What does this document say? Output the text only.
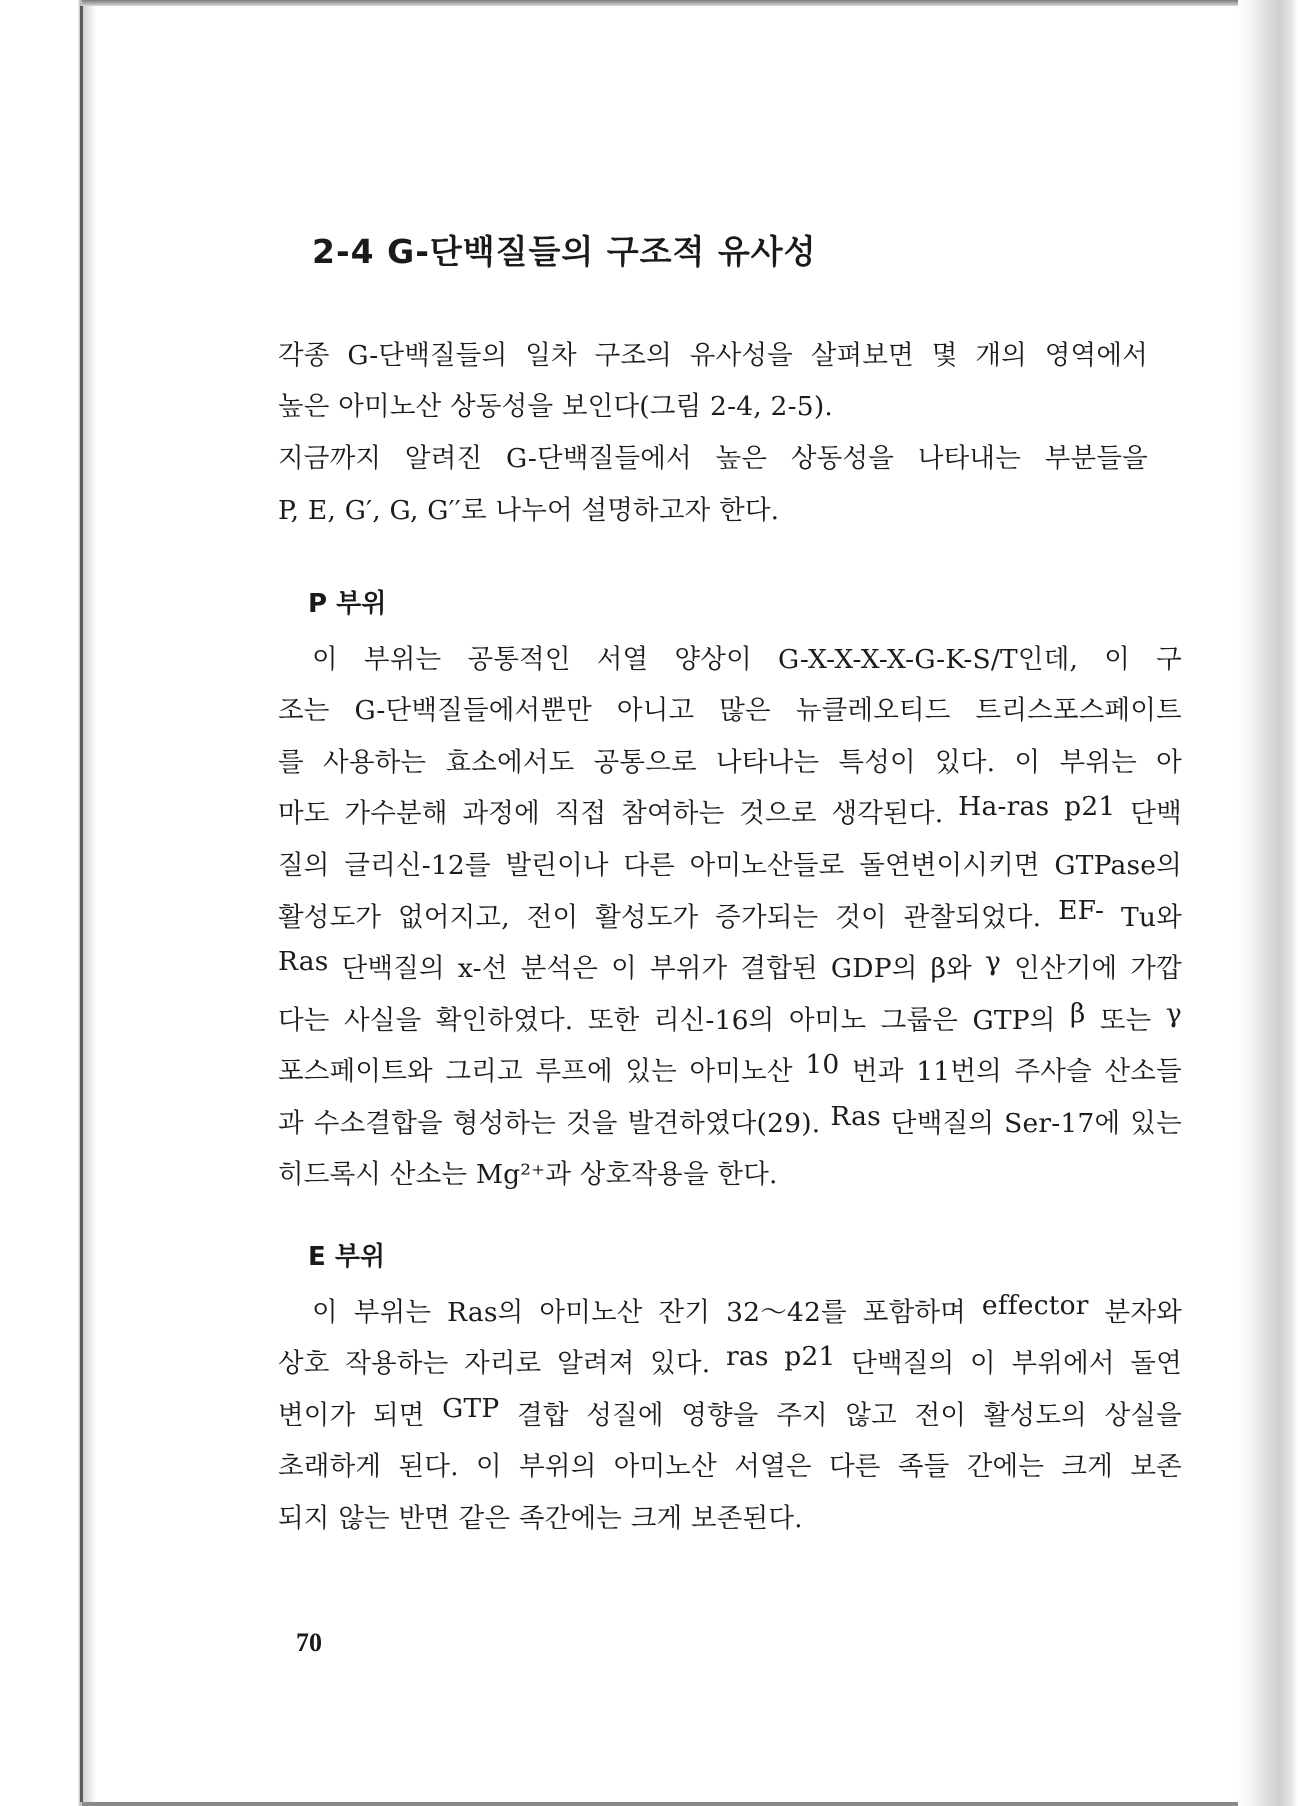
2-4 G-단백질들의 구조적 유사성
각종 G-단백질들의 일차 구조의 유사성을 살펴보면 몇 개의 영역에서
높은 아미노산 상동성을 보인다(그림 2-4, 2-5).
지금까지 알려진 G-단백질들에서 높은 상동성을 나타내는 부분들을
P, E, G′, G, G′′로 나누어 설명하고자 한다.
P 부위
이 부위는 공통적인 서열 양상이 G-X-X-X-X-G-K-S/T인데, 이 구
조는 G-단백질들에서뿐만 아니고 많은 뉴클레오티드 트리스포스페이트
를 사용하는 효소에서도 공통으로 나타나는 특성이 있다. 이 부위는 아
마도 가수분해 과정에 직접 참여하는 것으로 생각된다. Ha-ras p21 단백
질의 글리신-12를 발린이나 다른 아미노산들로 돌연변이시키면 GTPase의
활성도가 없어지고, 전이 활성도가 증가되는 것이 관찰되었다. EF- Tu와
Ras 단백질의 x-선 분석은 이 부위가 결합된 GDP의 β와 γ 인산기에 가깝
다는 사실을 확인하였다. 또한 리신-16의 아미노 그룹은 GTP의 β 또는 γ
포스페이트와 그리고 루프에 있는 아미노산 10 번과 11번의 주사슬 산소들
과 수소결합을 형성하는 것을 발견하였다(29). Ras 단백질의 Ser-17에 있는
히드록시 산소는 Mg²⁺과 상호작용을 한다.
E 부위
이 부위는 Ras의 아미노산 잔기 32～42를 포함하며 effector 분자와
상호 작용하는 자리로 알려져 있다. ras p21 단백질의 이 부위에서 돌연
변이가 되면 GTP 결합 성질에 영향을 주지 않고 전이 활성도의 상실을
초래하게 된다. 이 부위의 아미노산 서열은 다른 족들 간에는 크게 보존
되지 않는 반면 같은 족간에는 크게 보존된다.
70
